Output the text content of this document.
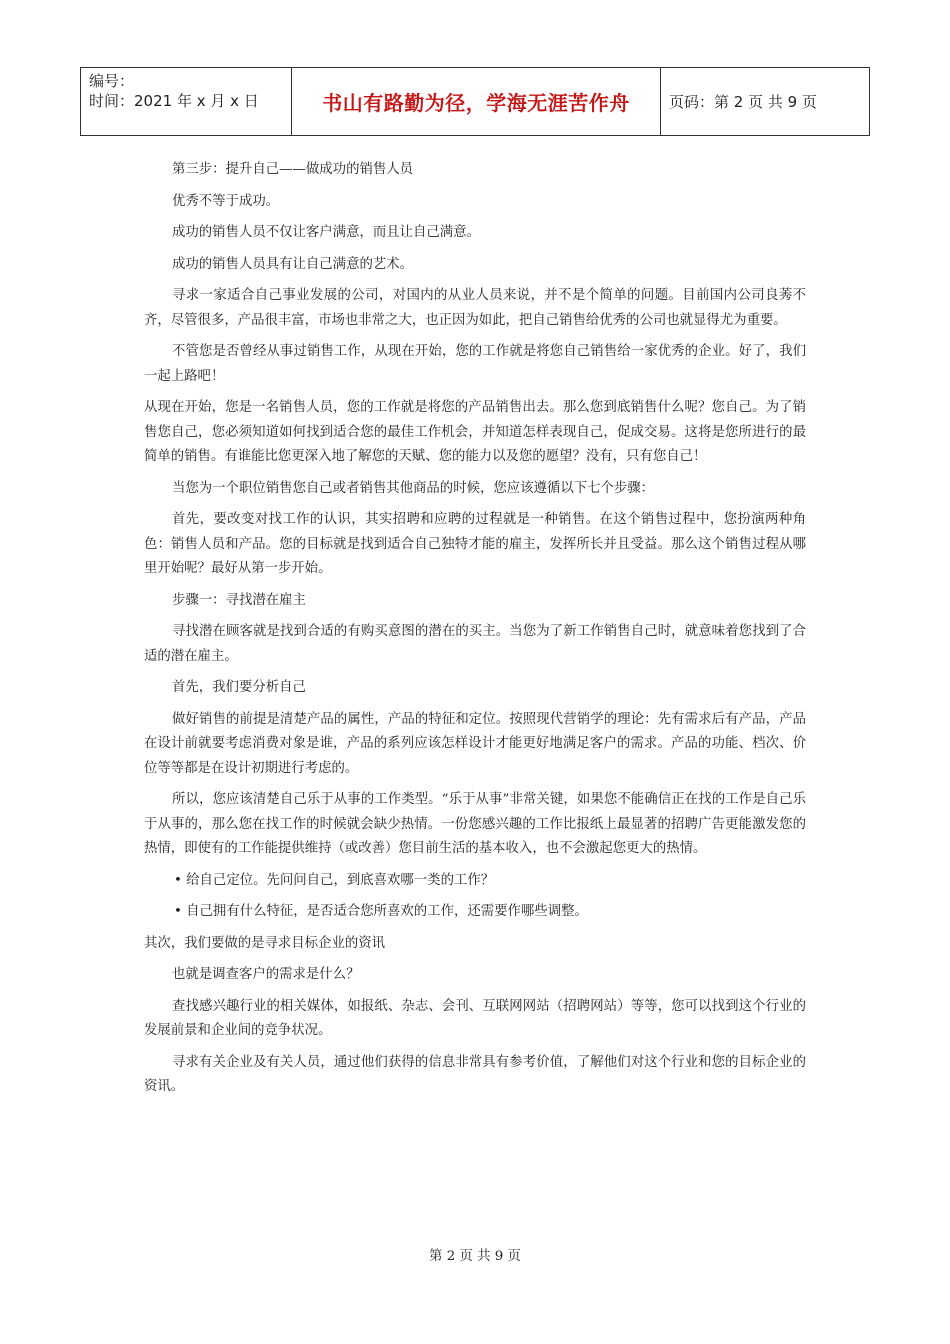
编号：
时间：2021 年 x 月 x 日	书山有路勤为径，学海无涯苦作舟	页码：第 2 页 共 9 页

第三步：提升自己——做成功的销售人员

优秀不等于成功。

成功的销售人员不仅让客户满意，而且让自己满意。

成功的销售人员具有让自己满意的艺术。

寻求一家适合自己事业发展的公司，对国内的从业人员来说，并不是个简单的问题。目前国内公司良莠不齐，尽管很多，产品很丰富，市场也非常之大，也正因为如此，把自己销售给优秀的公司也就显得尤为重要。

不管您是否曾经从事过销售工作，从现在开始，您的工作就是将您自己销售给一家优秀的企业。好了，我们一起上路吧！

从现在开始，您是一名销售人员，您的工作就是将您的产品销售出去。那么您到底销售什么呢？您自己。为了销售您自己，您必须知道如何找到适合您的最佳工作机会，并知道怎样表现自己，促成交易。这将是您所进行的最简单的销售。有谁能比您更深入地了解您的天赋、您的能力以及您的愿望？没有，只有您自己！

当您为一个职位销售您自己或者销售其他商品的时候，您应该遵循以下七个步骤：

首先，要改变对找工作的认识，其实招聘和应聘的过程就是一种销售。在这个销售过程中，您扮演两种角色：销售人员和产品。您的目标就是找到适合自己独特才能的雇主，发挥所长并且受益。那么这个销售过程从哪里开始呢？最好从第一步开始。

步骤一：寻找潜在雇主

寻找潜在顾客就是找到合适的有购买意图的潜在的买主。当您为了新工作销售自己时，就意味着您找到了合适的潜在雇主。

首先，我们要分析自己

做好销售的前提是清楚产品的属性，产品的特征和定位。按照现代营销学的理论：先有需求后有产品，产品在设计前就要考虑消费对象是谁，产品的系列应该怎样设计才能更好地满足客户的需求。产品的功能、档次、价位等等都是在设计初期进行考虑的。

所以，您应该清楚自己乐于从事的工作类型。“乐于从事”非常关键，如果您不能确信正在找的工作是自己乐于从事的，那么您在找工作的时候就会缺少热情。一份您感兴趣的工作比报纸上最显著的招聘广告更能激发您的热情，即使有的工作能提供维持（或改善）您目前生活的基本收入，也不会激起您更大的热情。

• 给自己定位。先问问自己，到底喜欢哪一类的工作？

• 自己拥有什么特征，是否适合您所喜欢的工作，还需要作哪些调整。

其次，我们要做的是寻求目标企业的资讯

也就是调查客户的需求是什么？

查找感兴趣行业的相关媒体，如报纸、杂志、会刊、互联网网站（招聘网站）等等，您可以找到这个行业的发展前景和企业间的竞争状况。

寻求有关企业及有关人员，通过他们获得的信息非常具有参考价值，了解他们对这个行业和您的目标企业的资讯。

第 2 页 共 9 页
